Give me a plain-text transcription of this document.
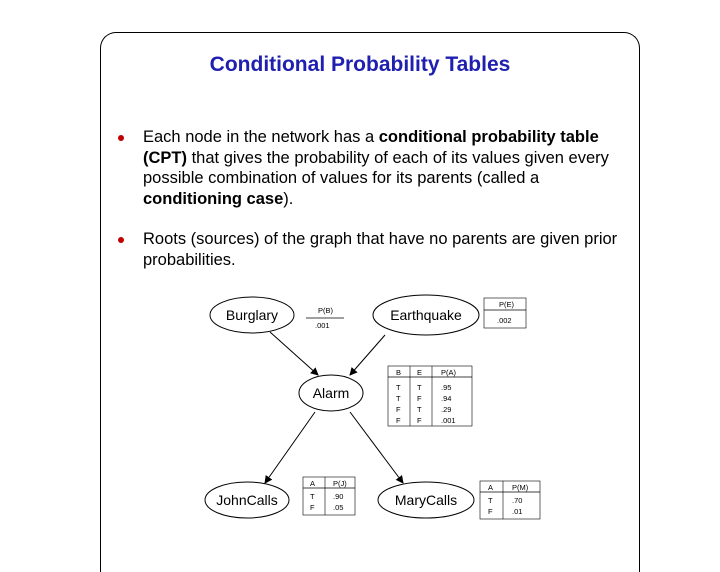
Conditional Probability Tables
Each node in the network has a conditional probability table (CPT) that gives the probability of each of its values given every possible combination of values for its parents (called a conditioning case).
Roots (sources) of the graph that have no parents are given prior probabilities.
Burglary	Earthquake
Alarm
JohnCalls	MaryCalls
P(B)
.001
P(E)
.002
B E	P(A)
T T	.95
T F	.94
F T	.29
F F	.001
A P(J)
T .90
F .05
A	P(M)
T	.70
F	.01
